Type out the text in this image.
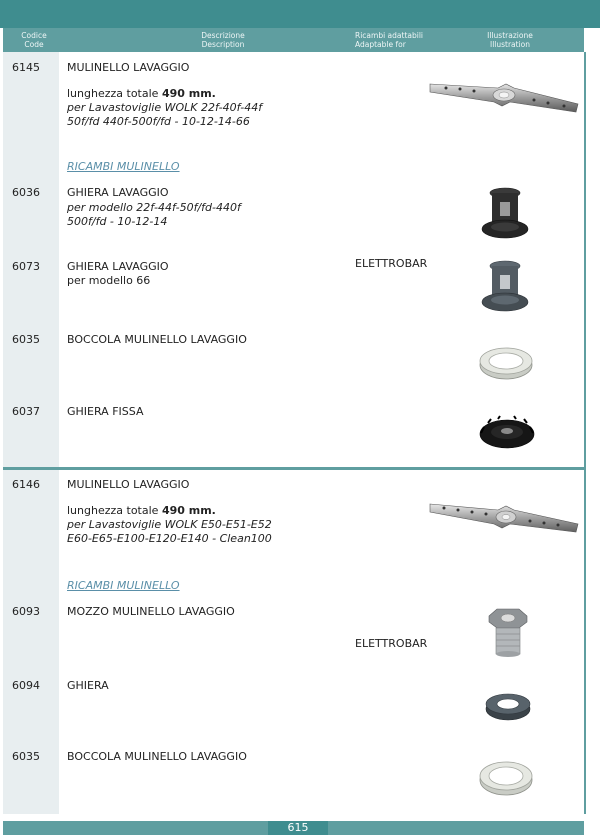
Codice
Code
Descrizione
Description
Ricambi adattabili
Adaptable for
Illustrazione
Illustration
6145 MULINELLO LAVAGGIO
lunghezza totale 490 mm.
per Lavastoviglie WOLK 22f-40f-44f
50f/fd 440f-500f/fd - 10-12-14-66
RICAMBI MULINELLO
6036 GHIERA LAVAGGIO
per modello 22f-44f-50f/fd-440f
500f/fd - 10-12-14
6073 GHIERA LAVAGGIO
per modello 66
ELETTROBAR
6035 BOCCOLA MULINELLO LAVAGGIO
6037 GHIERA FISSA
6146 MULINELLO LAVAGGIO
lunghezza totale 490 mm.
per Lavastoviglie WOLK E50-E51-E52
E60-E65-E100-E120-E140 - Clean100
RICAMBI MULINELLO
6093 MOZZO MULINELLO LAVAGGIO
ELETTROBAR
6094 GHIERA
6035 BOCCOLA MULINELLO LAVAGGIO
615
